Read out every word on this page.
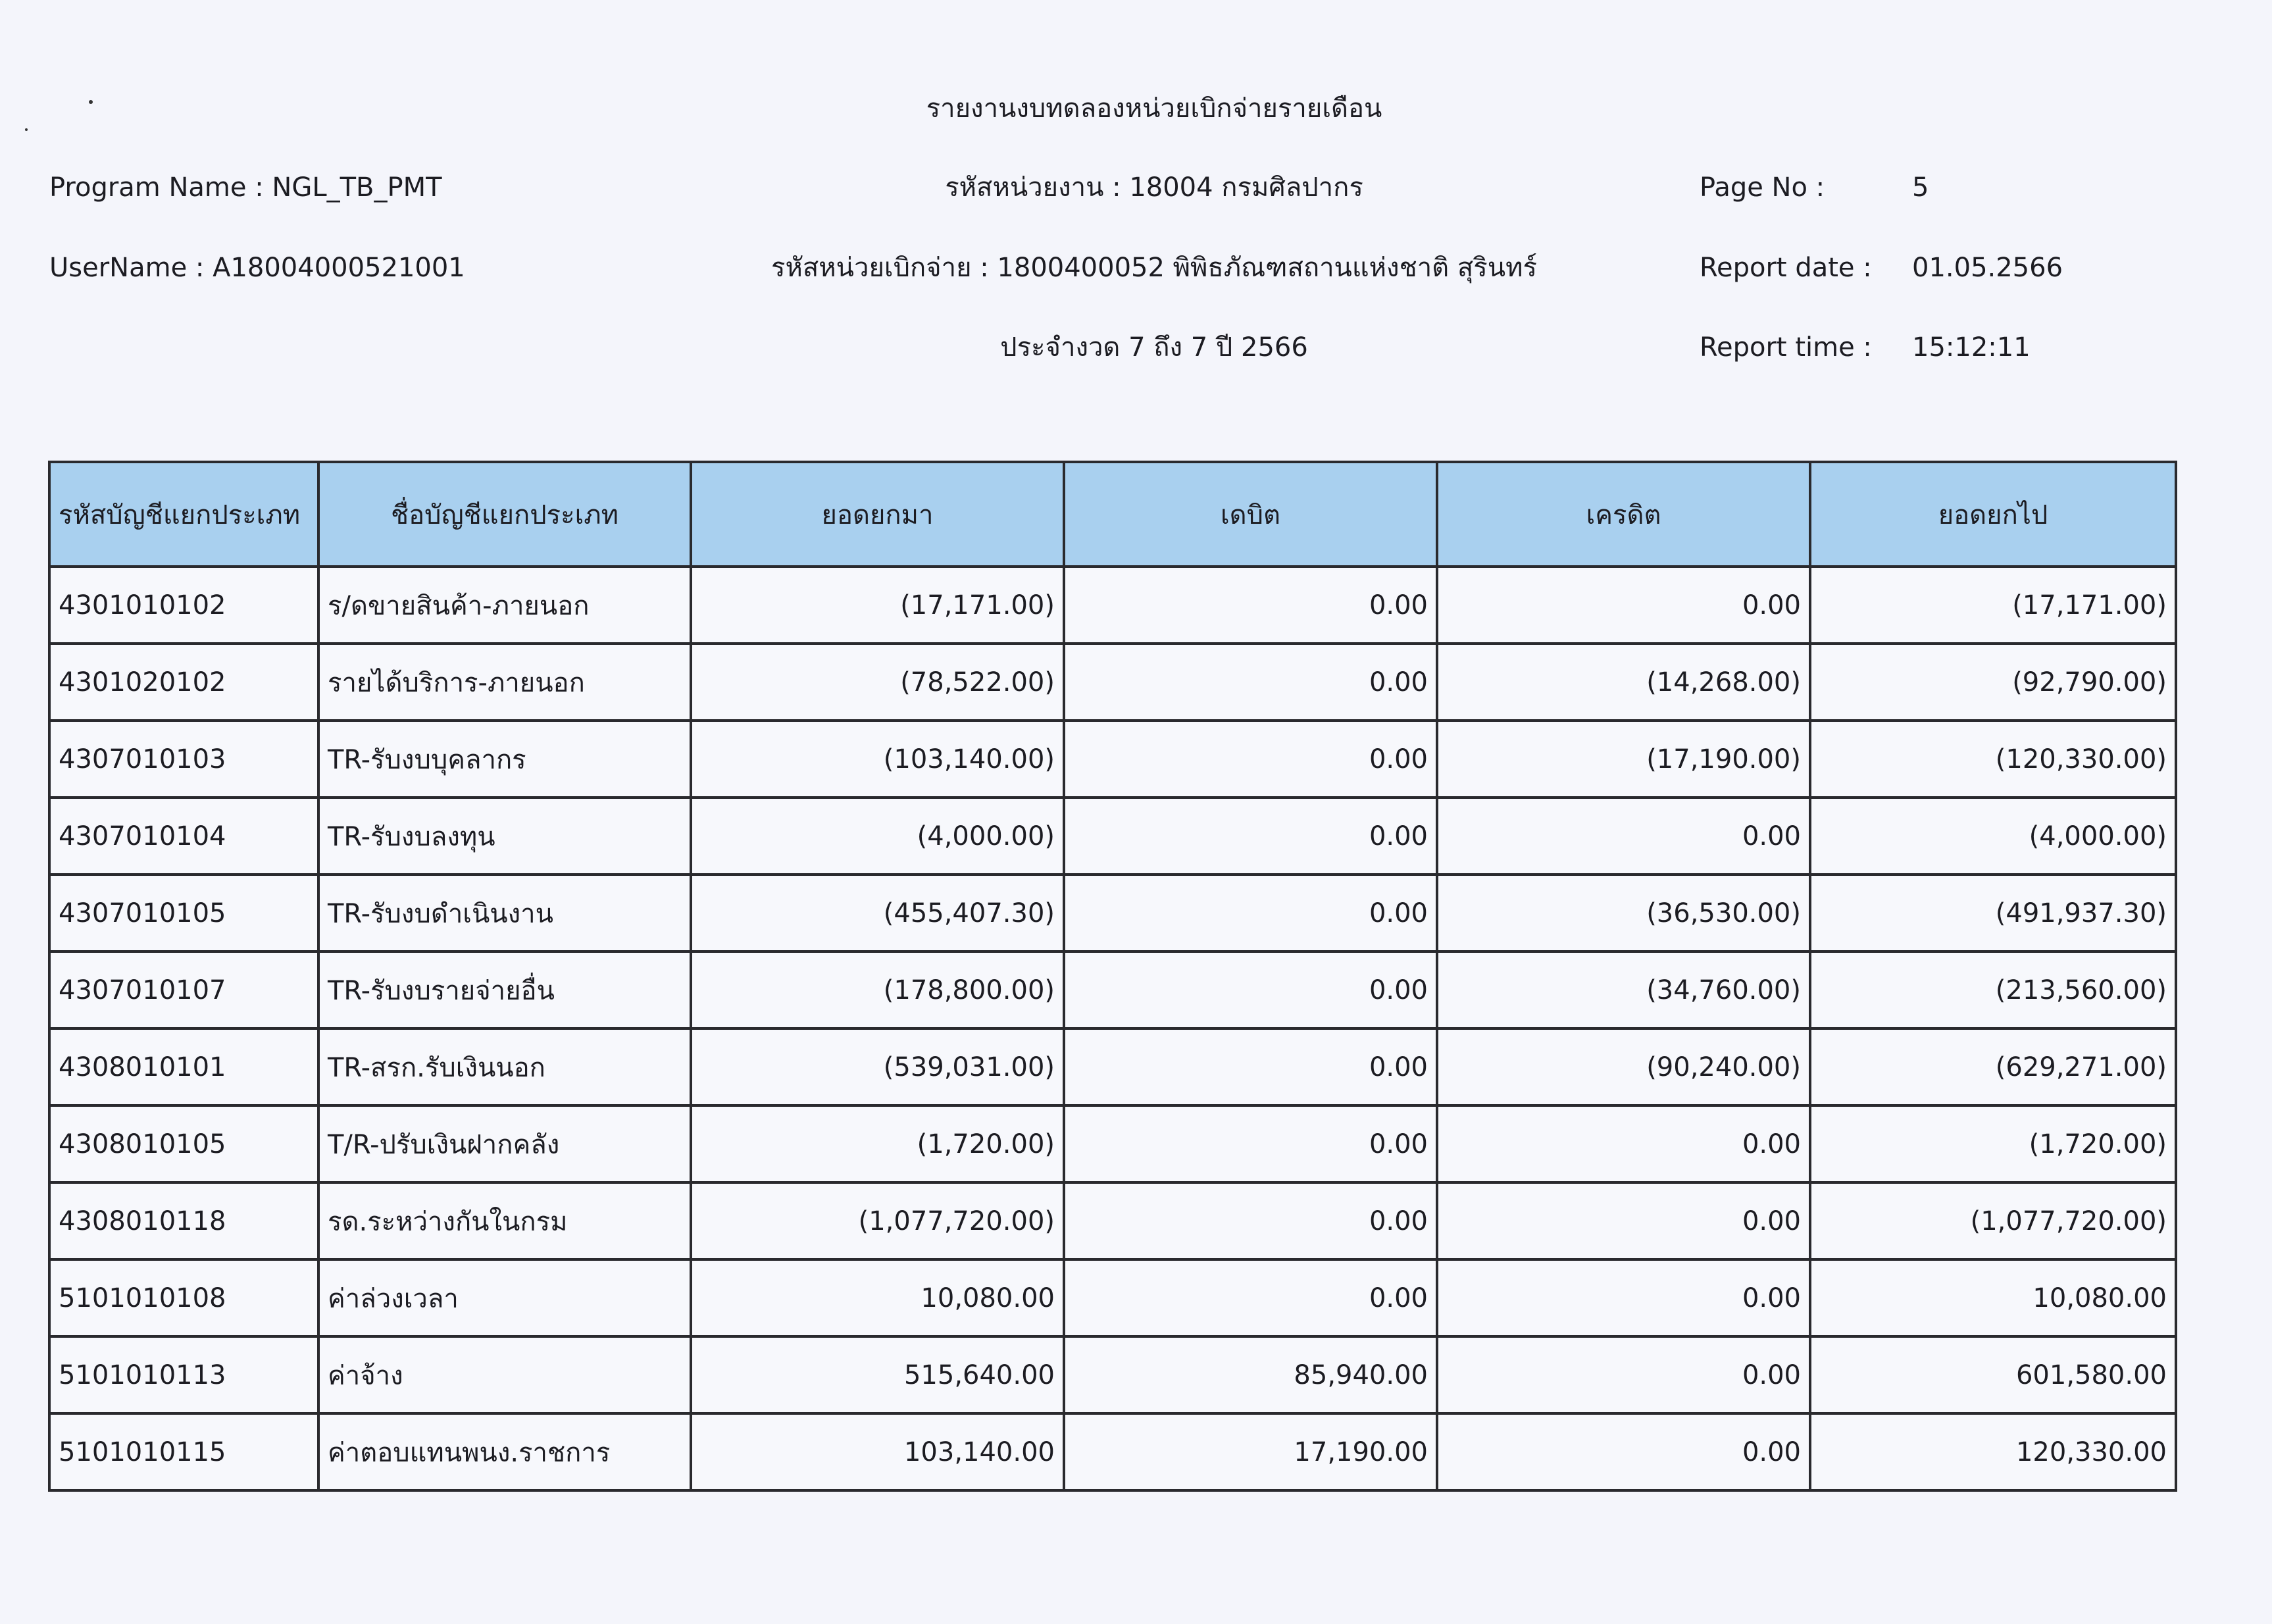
รายงานงบทดลองหน่วยเบิกจ่ายรายเดือน
Program Name : NGL_TB_PMT	รหัสหน่วยงาน : 18004 กรมศิลปากร	Page No :	5
UserName : A18004000521001	รหัสหน่วยเบิกจ่าย : 1800400052 พิพิธภัณฑสถานแห่งชาติ สุรินทร์	Report date : 01.05.2566
ประจำงวด 7 ถึง 7 ปี 2566	Report time : 15:12:11
รหัสบัญชีแยกประเภท	ชื่อบัญชีแยกประเภท	ยอดยกมา	เดบิต	เครดิต	ยอดยกไป
4301010102	ร/ดขายสินค้า-ภายนอก	(17,171.00)	0.00	0.00	(17,171.00)
4301020102	รายได้บริการ-ภายนอก	(78,522.00)	0.00	(14,268.00)	(92,790.00)
4307010103	TR-รับงบบุคลากร	(103,140.00)	0.00	(17,190.00)	(120,330.00)
4307010104	TR-รับงบลงทุน	(4,000.00)	0.00	0.00	(4,000.00)
4307010105	TR-รับงบดำเนินงาน	(455,407.30)	0.00	(36,530.00)	(491,937.30)
4307010107	TR-รับงบรายจ่ายอื่น	(178,800.00)	0.00	(34,760.00)	(213,560.00)
4308010101	TR-สรก.รับเงินนอก	(539,031.00)	0.00	(90,240.00)	(629,271.00)
4308010105	T/R-ปรับเงินฝากคลัง	(1,720.00)	0.00	0.00	(1,720.00)
4308010118	รด.ระหว่างกันในกรม	(1,077,720.00)	0.00	0.00	(1,077,720.00)
5101010108	ค่าล่วงเวลา	10,080.00	0.00	0.00	10,080.00
5101010113	ค่าจ้าง	515,640.00	85,940.00	0.00	601,580.00
5101010115	ค่าตอบแทนพนง.ราชการ	103,140.00	17,190.00	0.00	120,330.00
